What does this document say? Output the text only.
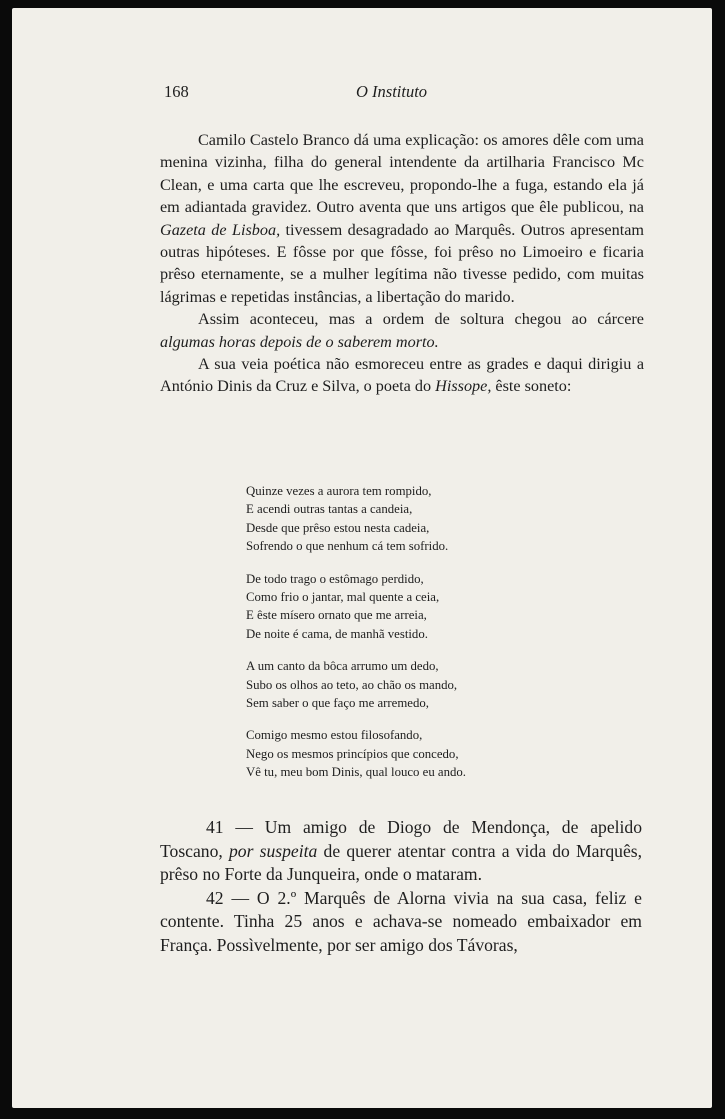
168	O Instituto

Camilo Castelo Branco dá uma explicação: os amores dêle com uma menina vizinha, filha do general intendente da artilharia Francisco Mc Clean, e uma carta que lhe escreveu, propondo-lhe a fuga, estando ela já em adiantada gravidez. Outro aventa que uns artigos que êle publicou, na Gazeta de Lisboa, tivessem desagradado ao Marquês. Outros apresentam outras hipóteses. E fôsse por que fôsse, foi prêso no Limoeiro e ficaria prêso eternamente, se a mulher legítima não tivesse pedido, com muitas lágrimas e repetidas instâncias, a libertação do marido.

Assim aconteceu, mas a ordem de soltura chegou ao cárcere algumas horas depois de o saberem morto.

A sua veia poética não esmoreceu entre as grades e daqui dirigiu a António Dinis da Cruz e Silva, o poeta do Hissope, êste soneto:

Quinze vezes a aurora tem rompido,
E acendi outras tantas a candeia,
Desde que prêso estou nesta cadeia,
Sofrendo o que nenhum cá tem sofrido.
De todo trago o estômago perdido,
Como frio o jantar, mal quente a ceia,
E êste mísero ornato que me arreia,
De noite é cama, de manhã vestido.
A um canto da bôca arrumo um dedo,
Subo os olhos ao teto, ao chão os mando,
Sem saber o que faço me arremedo,
Comigo mesmo estou filosofando,
Nego os mesmos princípios que concedo,
Vê tu, meu bom Dinis, qual louco eu ando.

41 — Um amigo de Diogo de Mendonça, de apelido Toscano, por suspeita de querer atentar contra a vida do Marquês, prêso no Forte da Junqueira, onde o mataram.

42 — O 2.º Marquês de Alorna vivia na sua casa, feliz e contente. Tinha 25 anos e achava-se nomeado embaixador em França. Possìvelmente, por ser amigo dos Távoras,
